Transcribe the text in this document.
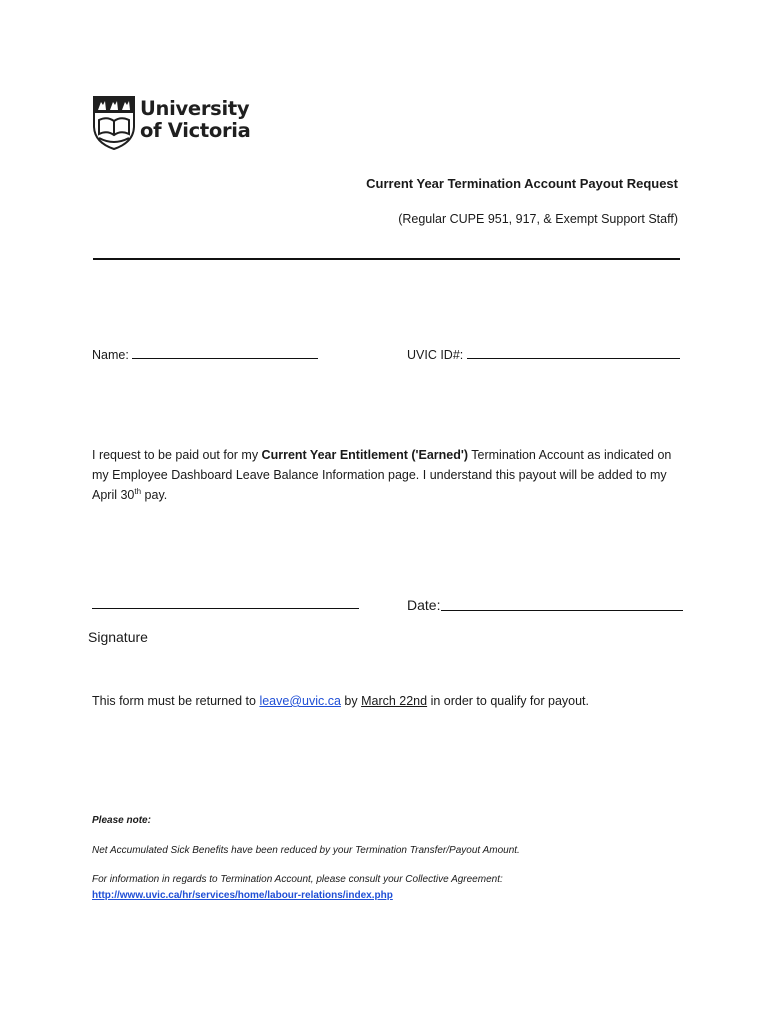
University
of Victoria
Current Year Termination Account Payout Request
(Regular CUPE 951, 917, & Exempt Support Staff)
Name:	UVIC ID#:
I request to be paid out for my Current Year Entitlement ('Earned') Termination Account as indicated on my Employee Dashboard Leave Balance Information page. I understand this payout will be added to my April 30th pay.
Date:
Signature
This form must be returned to leave@uvic.ca by March 22nd in order to qualify for payout.
Please note:
Net Accumulated Sick Benefits have been reduced by your Termination Transfer/Payout Amount.
For information in regards to Termination Account, please consult your Collective Agreement:
http://www.uvic.ca/hr/services/home/labour-relations/index.php
